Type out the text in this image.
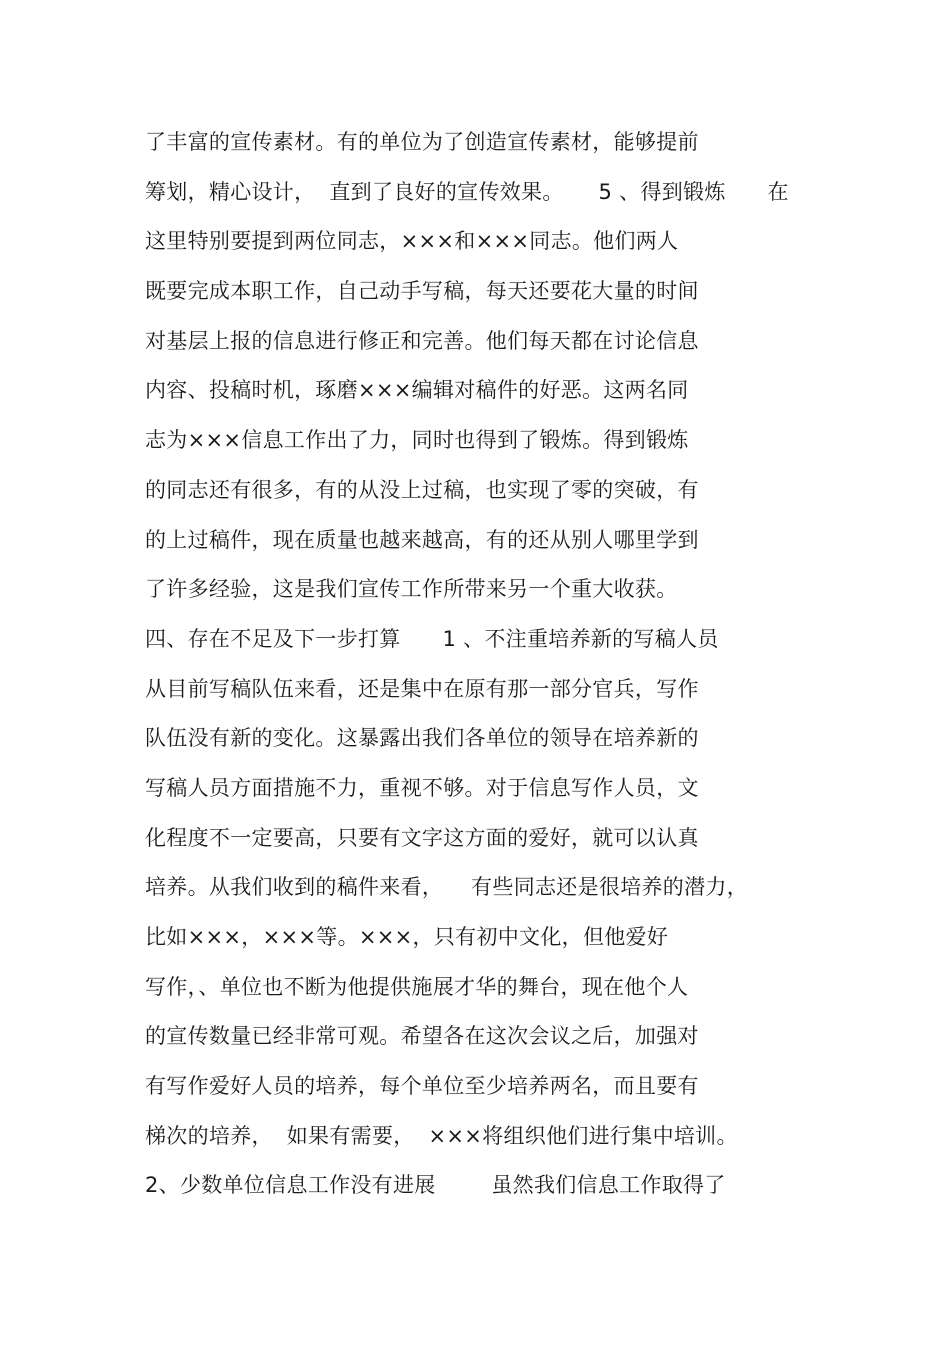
了丰富的宣传素材。有的单位为了创造宣传素材，能够提前
筹划，精心设计，  直到了良好的宣传效果。     5 、得到锻炼      在
这里特别要提到两位同志，×××和×××同志。他们两人
既要完成本职工作，自己动手写稿，每天还要花大量的时间
对基层上报的信息进行修正和完善。他们每天都在讨论信息
内容、投稿时机，琢磨×××编辑对稿件的好恶。这两名同
志为×××信息工作出了力，同时也得到了锻炼。得到锻炼
的同志还有很多，有的从没上过稿，也实现了零的突破，有
的上过稿件，现在质量也越来越高，有的还从别人哪里学到
了许多经验，这是我们宣传工作所带来另一个重大收获。
四、存在不足及下一步打算      1 、不注重培养新的写稿人员
从目前写稿队伍来看，还是集中在原有那一部分官兵，写作
队伍没有新的变化。这暴露出我们各单位的领导在培养新的
写稿人员方面措施不力，重视不够。对于信息写作人员，文
化程度不一定要高，只要有文字这方面的爱好，就可以认真
培养。从我们收到的稿件来看，    有些同志还是很培养的潜力，
比如×××，×××等。×××，只有初中文化，但他爱好
写作，、单位也不断为他提供施展才华的舞台，现在他个人
的宣传数量已经非常可观。希望各在这次会议之后，加强对
有写作爱好人员的培养，每个单位至少培养两名，而且要有
梯次的培养，  如果有需要，  ×××将组织他们进行集中培训。
2、少数单位信息工作没有进展        虽然我们信息工作取得了
